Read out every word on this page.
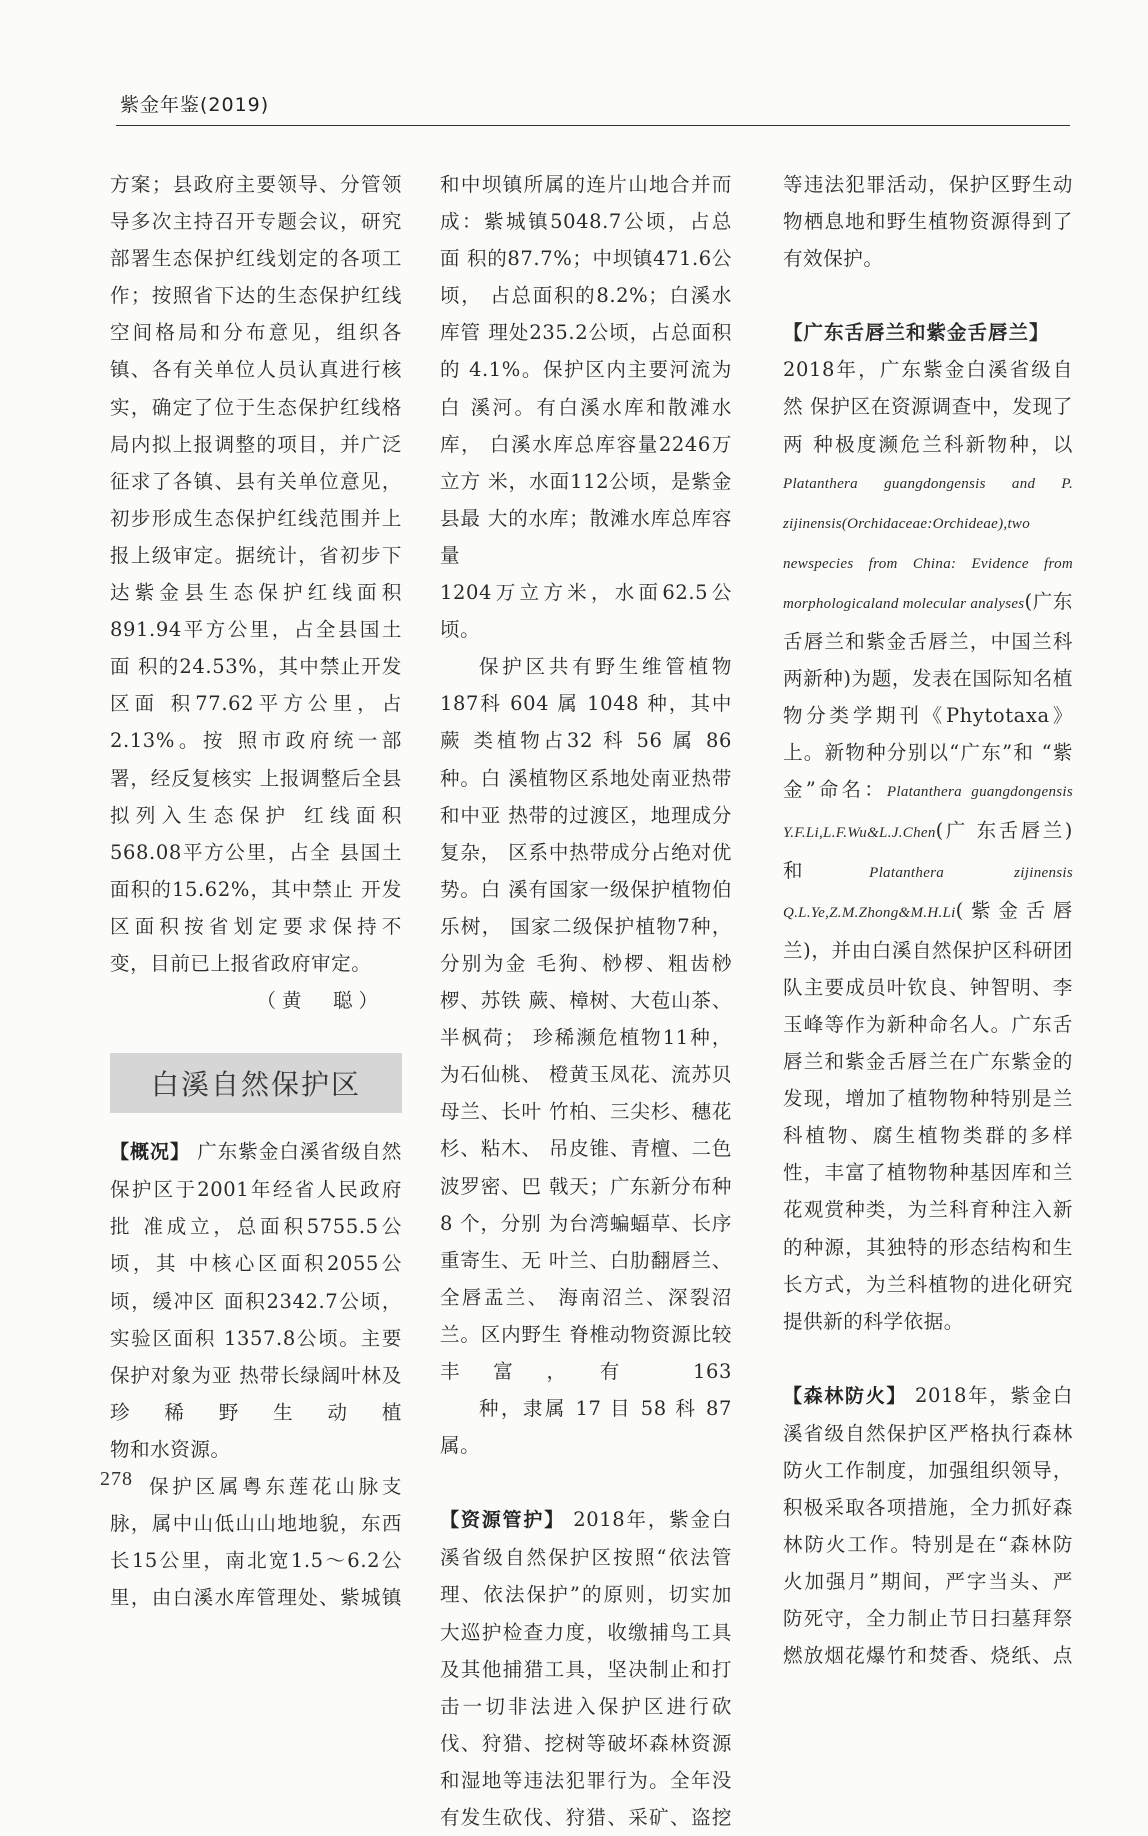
紫金年鉴(2019)

方案；县政府主要领导、分管领 导多次主持召开专题会议，研究 部署生态保护红线划定的各项工 作；按照省下达的生态保护红线 空间格局和分布意见，组织各 镇、各有关单位人员认真进行核 实，确定了位于生态保护红线格 局内拟上报调整的项目，并广泛 征求了各镇、县有关单位意见， 初步形成生态保护红线范围并上 报上级审定。据统计，省初步下 达紫金县生态保护红线面积 891.94平方公里，占全县国土面 积的24.53%，其中禁止开发区面 积77.62平方公里，占2.13%。按 照市政府统一部署，经反复核实 上报调整后全县拟列入生态保护 红线面积568.08平方公里，占全 县国土面积的15.62%，其中禁止 开发区面积按省划定要求保持不
变，目前已上报省政府审定。

（黄　聪）

白溪自然保护区

【概况】 广东紫金白溪省级自然 保护区于2001年经省人民政府批 准成立，总面积5755.5公顷，其 中核心区面积2055公顷，缓冲区 面积2342.7公顷，实验区面积 1357.8公顷。主要保护对象为亚 热带长绿阔叶林及珍稀野生动植
物和水资源。

保护区属粤东莲花山脉支 脉，属中山低山山地地貌，东西 长15公里，南北宽1.5～6.2公 里，由白溪水库管理处、紫城镇

和中坝镇所属的连片山地合并而 成：紫城镇5048.7公顷，占总面 积的87.7%；中坝镇471.6公顷， 占总面积的8.2%；白溪水库管 理处235.2公顷，占总面积的 4.1%。保护区内主要河流为白 溪河。有白溪水库和散滩水库， 白溪水库总库容量2246万立方 米，水面112公顷，是紫金县最 大的水库；散滩水库总库容量
1204万立方米，水面62.5公顷。

保护区共有野生维管植物 187科 604 属 1048 种，其中蕨 类植物占32 科 56 属 86种。白 溪植物区系地处南亚热带和中亚 热带的过渡区，地理成分复杂， 区系中热带成分占绝对优势。白 溪有国家一级保护植物伯乐树， 国家二级保护植物7种，分别为金 毛狗、桫椤、粗齿桫椤、苏铁 蕨、樟树、大苞山茶、半枫荷； 珍稀濒危植物11种，为石仙桃、 橙黄玉凤花、流苏贝母兰、长叶 竹柏、三尖杉、穗花杉、粘木、 吊皮锥、青檀、二色波罗密、巴 戟天；广东新分布种 8 个，分别 为台湾蝙蝠草、长序重寄生、无 叶兰、白肋翻唇兰、全唇盂兰、 海南沼兰、深裂沼兰。区内野生 脊椎动物资源比较丰富，有 163
种，隶属 17 目 58 科 87 属。

【资源管护】 2018年，紫金白 溪省级自然保护区按照“依法管 理、依法保护”的原则，切实加 大巡护检查力度，收缴捕鸟工具 及其他捕猎工具，坚决制止和打 击一切非法进入保护区进行砍 伐、狩猎、挖树等破坏森林资源 和湿地等违法犯罪行为。全年没 有发生砍伐、狩猎、采矿、盗挖

等违法犯罪活动，保护区野生动 物栖息地和野生植物资源得到了
有效保护。

【广东舌唇兰和紫金舌唇兰】

2018年，广东紫金白溪省级自然 保护区在资源调查中，发现了两 种极度濒危兰科新物种，以 Platanthera guangdongensis and P. zijinensis(Orchidaceae:Orchideae),two newspecies from China: Evidence from morphologicaland molecular analyses(广东 舌唇兰和紫金舌唇兰，中国兰科 两新种)为题，发表在国际知名植 物分类学期刊《Phytotaxa》 上。新物种分别以“广东”和 “紫金”命名：Platanthera guangdongensis Y.F.Li,L.F.Wu&L.J.Chen(广 东舌唇兰)和Platanthera zijinensis Q.L.Ye,Z.M.Zhong&M.H.Li(紫金舌唇 兰)，并由白溪自然保护区科研团 队主要成员叶钦良、钟智明、李 玉峰等作为新种命名人。广东舌 唇兰和紫金舌唇兰在广东紫金的 发现，增加了植物物种特别是兰 科植物、腐生植物类群的多样 性，丰富了植物物种基因库和兰 花观赏种类，为兰科育种注入新 的种源，其独特的形态结构和生 长方式，为兰科植物的进化研究
提供新的科学依据。

【森林防火】 2018年，紫金白 溪省级自然保护区严格执行森林 防火工作制度，加强组织领导， 积极采取各项措施，全力抓好森 林防火工作。特别是在“森林防 火加强月”期间，严字当头、严 防死守，全力制止节日扫墓拜祭 燃放烟花爆竹和焚香、烧纸、点

278
